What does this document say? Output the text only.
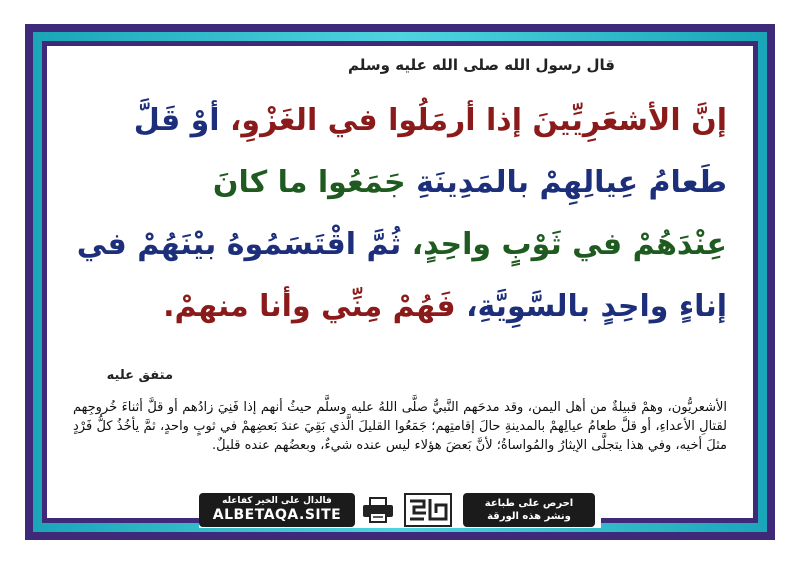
قال رسول الله صلى الله عليه وسلم
إنَّ الأشعَرِيِّينَ إذا أرمَلُوا في الغَزْوِ، أوْ قَلَّ
طَعامُ عِيالِهِمْ بالمَدِينَةِ جَمَعُوا ما كانَ
عِنْدَهُمْ في ثَوْبٍ واحِدٍ، ثُمَّ اقْتَسَمُوهُ بيْنَهُمْ في
إناءٍ واحِدٍ بالسَّوِيَّةِ، فَهُمْ مِنِّي وأنا منهمْ.
متفق عليه
الأشعريُّون، وهمْ قبيلةٌ من أهل اليمن، وقد مدحَهم النَّبيُّ صلَّى اللهُ عليه وسلَّم حيثُ أنهم إذا فَنِيَ زادُهم أو قلَّ أثناءَ خُروجِهم لقتالِ الأعداءِ، أو قلَّ طعامُ عيالِهمْ بالمدينةِ حالَ إقامتِهم؛ جَمَعُوا القليلَ الَّذي بَقِيَ عندَ بَعضِهمْ في ثوبٍ واحدٍ، ثمَّ يأخُذُ كلُّ فَرْدٍ مثلَ أخيه، وفي هذا يتجلَّى الإيثارُ والمُواساةُ؛ لأنَّ بَعضَ هؤلاء ليس عنده شيءٌ، وبعضُهم عنده قليلٌ.
فالدال على الخير كفاعله
ALBETAQA.SITE
احرص على طباعة
ونشر هذه الورقة
